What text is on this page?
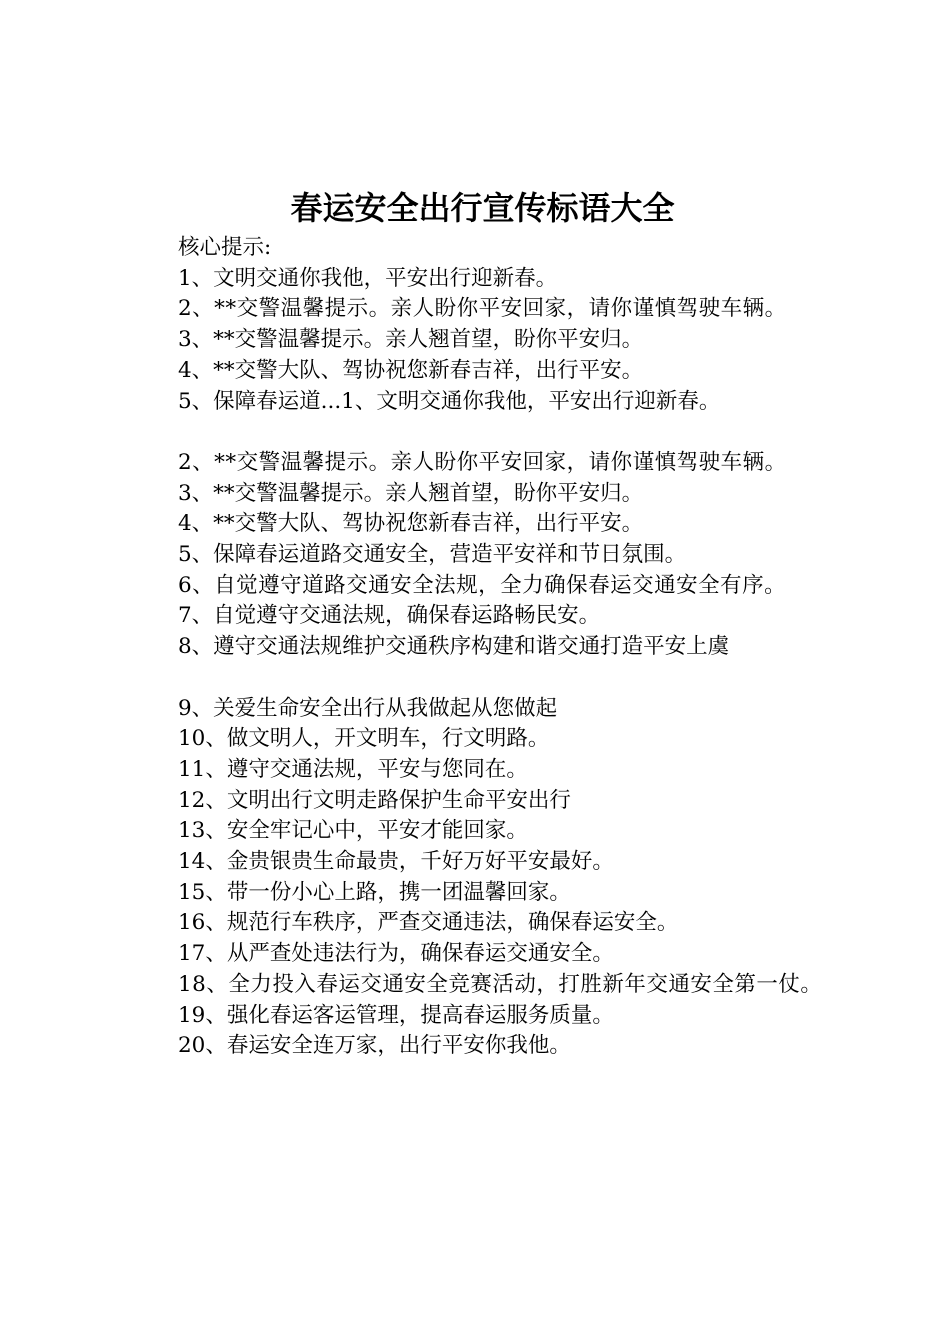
春运安全出行宣传标语大全

核心提示:

1、文明交通你我他，平安出行迎新春。

2、**交警温馨提示。亲人盼你平安回家，请你谨慎驾驶车辆。

3、**交警温馨提示。亲人翘首望，盼你平安归。

4、**交警大队、驾协祝您新春吉祥，出行平安。

5、保障春运道...1、文明交通你我他，平安出行迎新春。

2、**交警温馨提示。亲人盼你平安回家，请你谨慎驾驶车辆。

3、**交警温馨提示。亲人翘首望，盼你平安归。

4、**交警大队、驾协祝您新春吉祥，出行平安。

5、保障春运道路交通安全，营造平安祥和节日氛围。

6、自觉遵守道路交通安全法规，全力确保春运交通安全有序。

7、自觉遵守交通法规，确保春运路畅民安。

8、遵守交通法规维护交通秩序构建和谐交通打造平安上虞

9、关爱生命安全出行从我做起从您做起

10、做文明人，开文明车，行文明路。

11、遵守交通法规，平安与您同在。

12、文明出行文明走路保护生命平安出行

13、安全牢记心中，平安才能回家。

14、金贵银贵生命最贵，千好万好平安最好。

15、带一份小心上路，携一团温馨回家。

16、规范行车秩序，严查交通违法，确保春运安全。

17、从严查处违法行为，确保春运交通安全。

18、全力投入春运交通安全竞赛活动，打胜新年交通安全第一仗。

19、强化春运客运管理，提高春运服务质量。

20、春运安全连万家，出行平安你我他。
